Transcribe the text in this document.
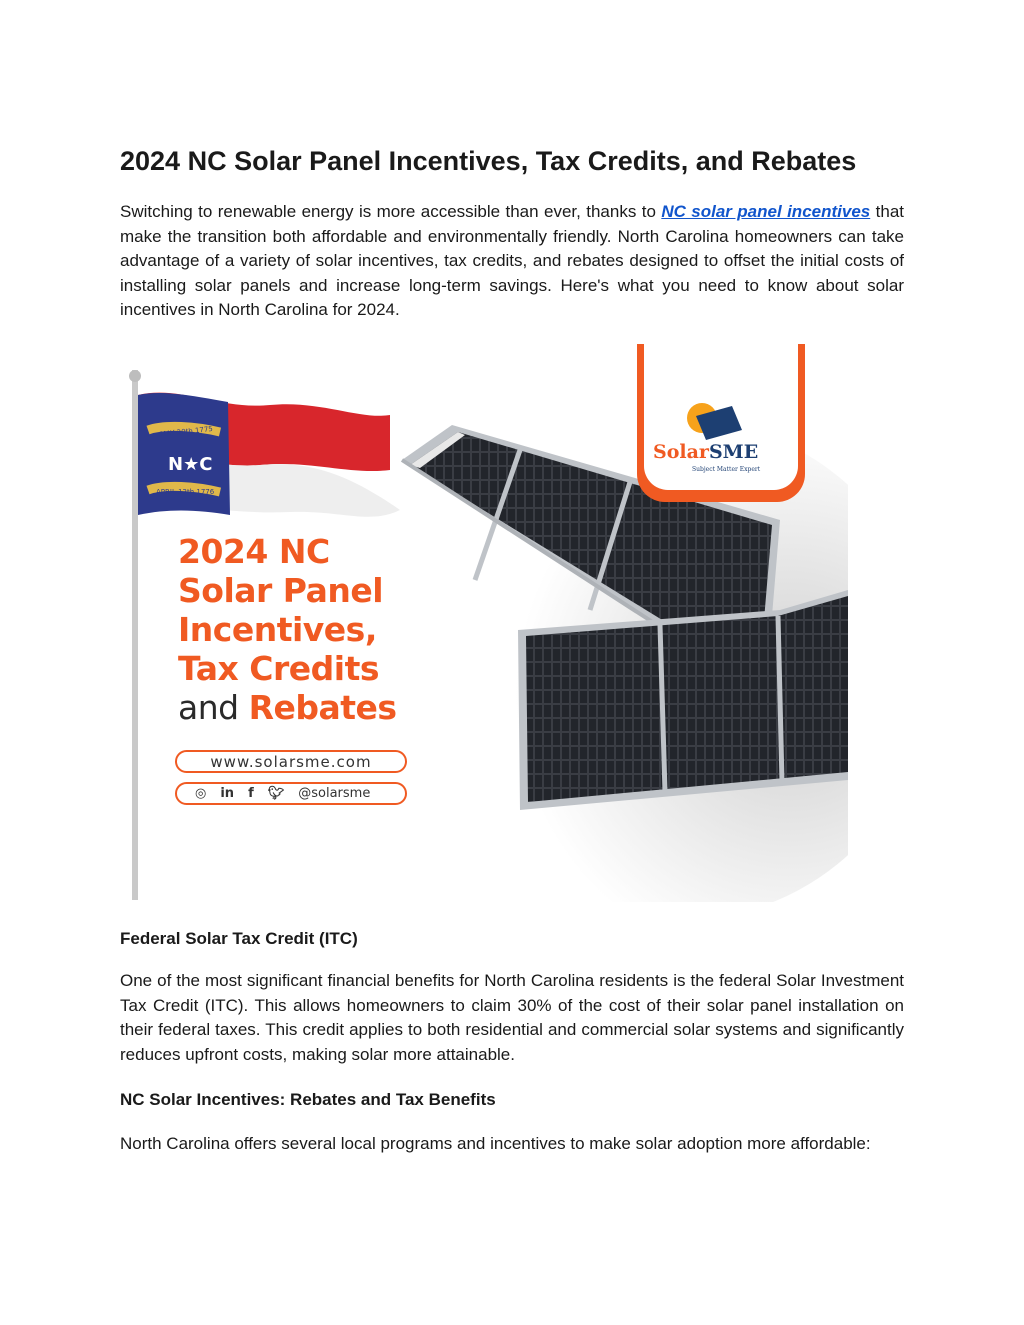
2024 NC Solar Panel Incentives, Tax Credits, and Rebates

Switching to renewable energy is more accessible than ever, thanks to NC solar panel incentives that make the transition both affordable and environmentally friendly. North Carolina homeowners can take advantage of a variety of solar incentives, tax credits, and rebates designed to offset the initial costs of installing solar panels and increase long-term savings. Here's what you need to know about solar incentives in North Carolina for 2024.

Federal Solar Tax Credit (ITC)

One of the most significant financial benefits for North Carolina residents is the federal Solar Investment Tax Credit (ITC). This allows homeowners to claim 30% of the cost of their solar panel installation on their federal taxes. This credit applies to both residential and commercial solar systems and significantly reduces upfront costs, making solar more attainable.

NC Solar Incentives: Rebates and Tax Benefits

North Carolina offers several local programs and incentives to make solar adoption more affordable:

MAY 20th 1775
N★C
APRIL 12th 1776

SolarSME

Subject Matter Expert

2024 NC
Solar Panel
Incentives,
Tax Credits
and Rebates
www.solarsme.com
◎ in f 🐦︎ @solarsme
